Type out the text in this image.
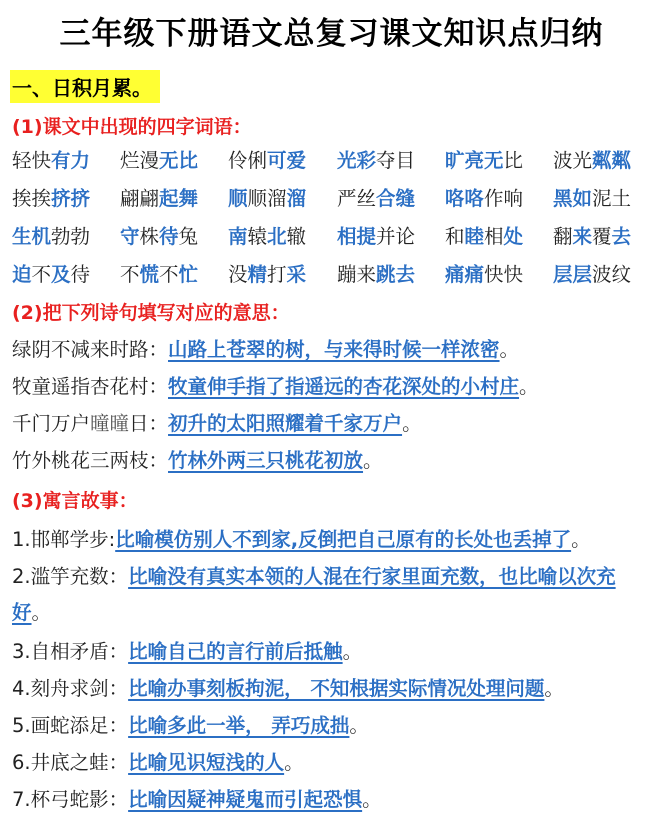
三年级下册语文总复习课文知识点归纳
一、日积月累。
(1)课文中出现的四字词语：
轻快有力 烂漫无比 伶俐可爱 光彩夺目 旷亮无比 波光粼粼
挨挨挤挤 翩翩起舞 顺顺溜溜 严丝合缝 咯咯作响 黑如泥土
生机勃勃 守株待兔 南辕北辙 相提并论 和睦相处 翻来覆去
迫不及待 不慌不忙 没精打采 蹦来跳去 痛痛快快 层层波纹
(2)把下列诗句填写对应的意思：
绿阴不减来时路：山路上苍翠的树，与来得时候一样浓密。
牧童遥指杏花村：牧童伸手指了指遥远的杏花深处的小村庄。
千门万户曈曈日：初升的太阳照耀着千家万户。
竹外桃花三两枝：竹林外两三只桃花初放。
(3)寓言故事：
1.邯郸学步:比喻模仿别人不到家,反倒把自己原有的长处也丢掉了。
2.滥竽充数：比喻没有真实本领的人混在行家里面充数，也比喻以次充好。
3.自相矛盾：比喻自己的言行前后抵触。
4.刻舟求剑：比喻办事刻板拘泥， 不知根据实际情况处理问题。
5.画蛇添足：比喻多此一举， 弄巧成拙。
6.井底之蛙：比喻见识短浅的人。
7.杯弓蛇影：比喻因疑神疑鬼而引起恐惧。
